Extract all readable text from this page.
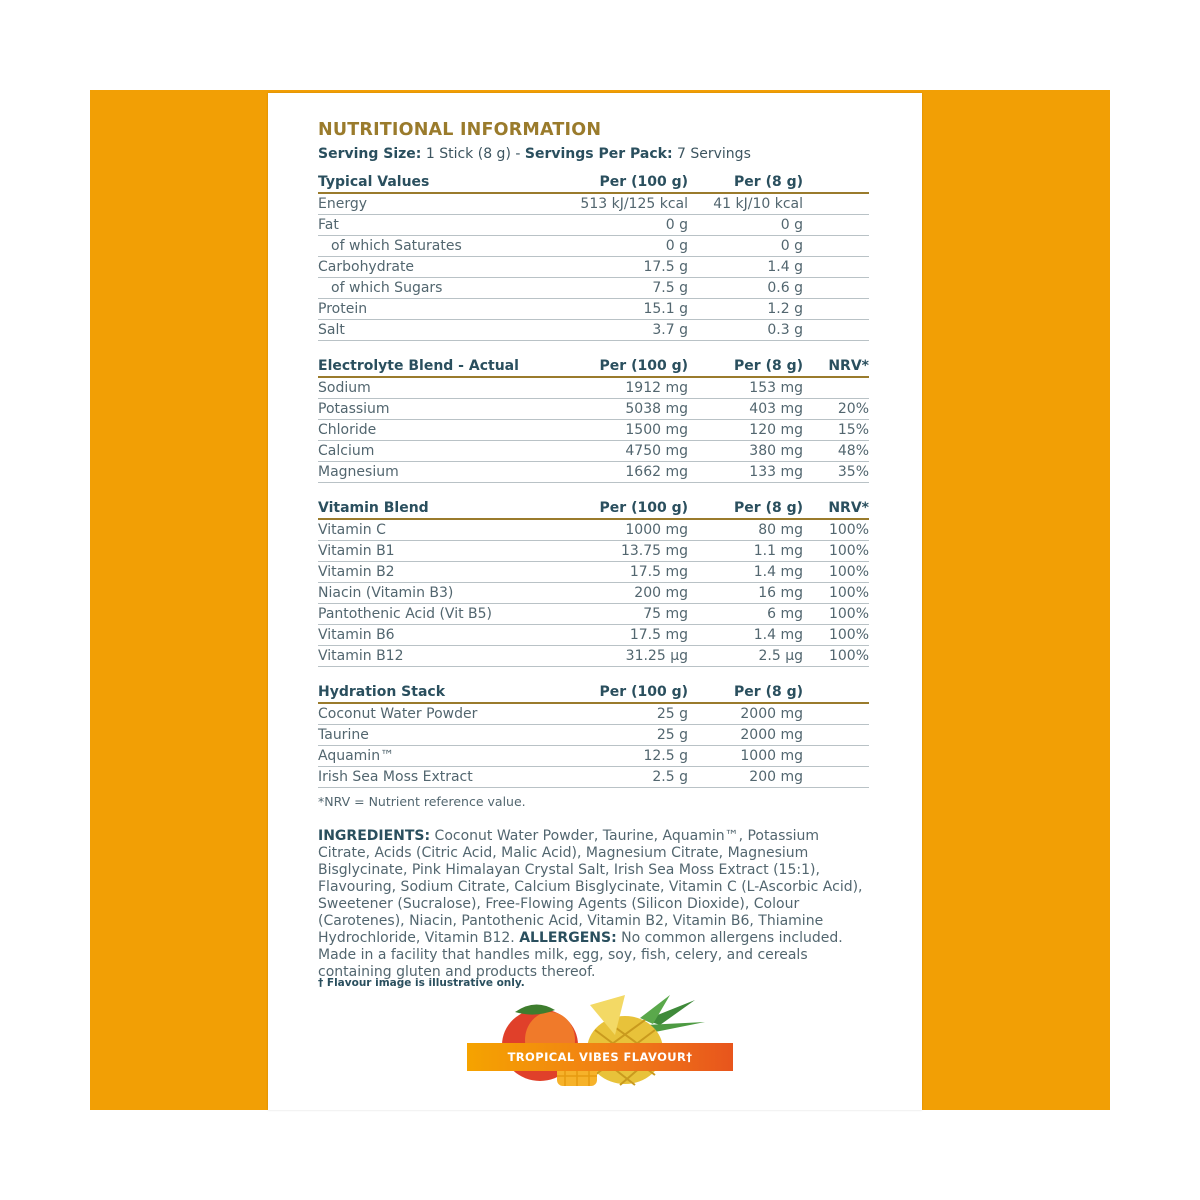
NUTRITIONAL INFORMATION
Serving Size: 1 Stick (8 g) - Servings Per Pack: 7 Servings
Typical Values	Per (100 g)	Per (8 g)	
Energy	513 kJ/125 kcal	41 kJ/10 kcal	
Fat	0 g	0 g	
of which Saturates	0 g	0 g	
Carbohydrate	17.5 g	1.4 g	
of which Sugars	7.5 g	0.6 g	
Protein	15.1 g	1.2 g	
Salt	3.7 g	0.3 g	

Electrolyte Blend - Actual	Per (100 g)	Per (8 g)	NRV*
Sodium	1912 mg	153 mg	
Potassium	5038 mg	403 mg	20%
Chloride	1500 mg	120 mg	15%
Calcium	4750 mg	380 mg	48%
Magnesium	1662 mg	133 mg	35%

Vitamin Blend	Per (100 g)	Per (8 g)	NRV*
Vitamin C	1000 mg	80 mg	100%
Vitamin B1	13.75 mg	1.1 mg	100%
Vitamin B2	17.5 mg	1.4 mg	100%
Niacin (Vitamin B3)	200 mg	16 mg	100%
Pantothenic Acid (Vit B5)	75 mg	6 mg	100%
Vitamin B6	17.5 mg	1.4 mg	100%
Vitamin B12	31.25 µg	2.5 µg	100%

Hydration Stack	Per (100 g)	Per (8 g)	
Coconut Water Powder	25 g	2000 mg	
Taurine	25 g	2000 mg	
Aquamin™	12.5 g	1000 mg	
Irish Sea Moss Extract	2.5 g	200 mg	
*NRV = Nutrient reference value.
INGREDIENTS: Coconut Water Powder, Taurine, Aquamin™, Potassium Citrate, Acids (Citric Acid, Malic Acid), Magnesium Citrate, Magnesium Bisglycinate, Pink Himalayan Crystal Salt, Irish Sea Moss Extract (15:1), Flavouring, Sodium Citrate, Calcium Bisglycinate, Vitamin C (L-Ascorbic Acid), Sweetener (Sucralose), Free-Flowing Agents (Silicon Dioxide), Colour (Carotenes), Niacin, Pantothenic Acid, Vitamin B2, Vitamin B6, Thiamine Hydrochloride, Vitamin B12. ALLERGENS: No common allergens included. Made in a facility that handles milk, egg, soy, fish, celery, and cereals containing gluten and products thereof.
† Flavour image is illustrative only.
TROPICAL VIBES FLAVOUR†
